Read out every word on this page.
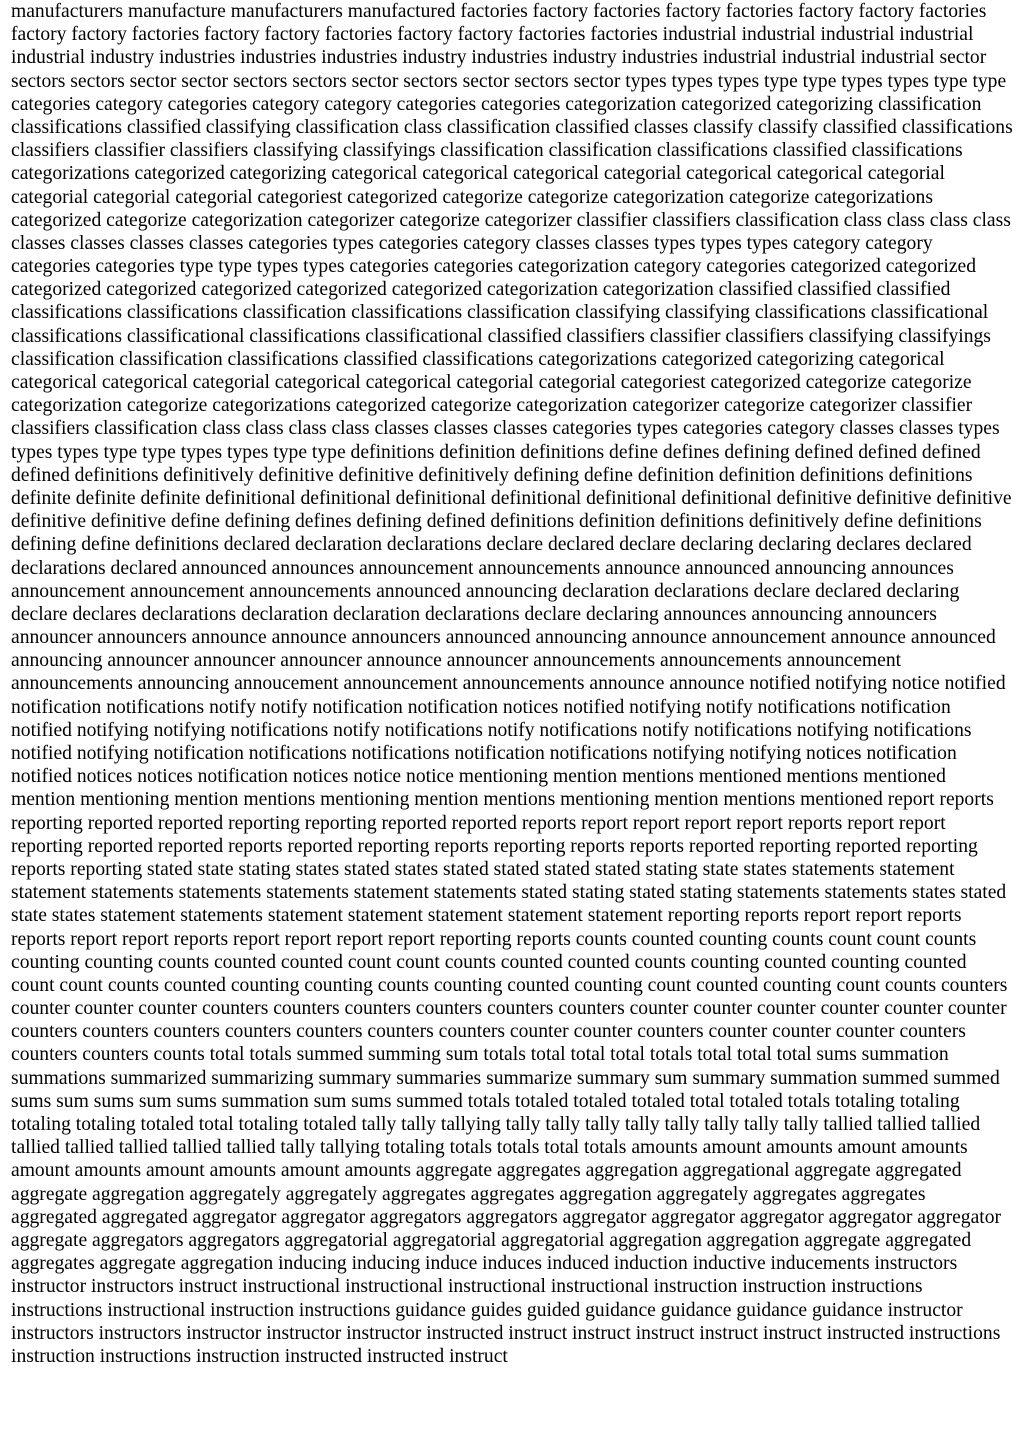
manufacturers manufacture manufacturers manufactured factories factory factories factory factories factory factory factories factory factory factories factory factory factories factory factory factories factories industrial industrial industrial industrial industrial industry industries industries industries industry industries industry industries industrial industrial industrial sector sectors sectors sector sector sectors sectors sector sectors sector sectors sector types types types type type types types type type categories category categories category category categories categories categorization categorized categorizing classification classifications classified classifying classification class classification classified classes classify classify classified classifications classifiers classifier classifiers classifying classifyings classification classification classifications classified classifications categorizations categorized categorizing categorical categorical categorical categorial categorical categorical categorial categorial categorial categorial categoriest categorized categorize categorize categorization categorize categorizations categorized categorize categorization categorizer categorize categorizer classifier classifiers classification class class class class classes classes classes classes categories types categories category classes classes types types types category category categories categories type type types types categories categories categorization category categories categorized categorized categorized categorized categorized categorized categorized categorization categorization classified classified classified classifications classifications classification classifications classification classifying classifying classifications classificational classifications classificational classifications classificational classified classifiers classifier classifiers classifying classifyings classification classification classifications classified classifications categorizations categorized categorizing categorical categorical categorical categorial categorical categorical categorial categorial categoriest categorized categorize categorize categorization categorize categorizations categorized categorize categorization categorizer categorize categorizer classifier classifiers classification class class class class classes classes classes categories types categories category classes classes types types types type type types types type type definitions definition definitions define defines defining defined defined defined defined definitions definitively definitive definitive definitively defining define definition definition definitions definitions definite definite definite definitional definitional definitional definitional definitional definitional definitive definitive definitive definitive definitive define defining defines defining defined definitions definition definitions definitively define definitions defining define definitions declared declaration declarations declare declared declare declaring declaring declares declared declarations declared announced announces announcement announcements announce announced announcing announces announcement announcement announcements announced announcing declaration declarations declare declared declaring declare declares declarations declaration declaration declarations declare declaring announces announcing announcers announcer announcers announce announce announcers announced announcing announce announcement announce announced announcing announcer announcer announcer announce announcer announcements announcements announcement announcements announcing annoucement announcement announcements announce announce notified notifying notice notified notification notifications notify notify notification notification notices notified notifying notify notifications notification notified notifying notifying notifications notify notifications notify notifications notify notifications notifying notifications notified notifying notification notifications notifications notification notifications notifying notifying notices notification notified notices notices notification notices notice notice mentioning mention mentions mentioned mentions mentioned mention mentioning mention mentions mentioning mention mentions mentioning mention mentions mentioned report reports reporting reported reported reporting reporting reported reported reports report report report report reports report report reporting reported reported reports reported reporting reports reporting reports reports reported reporting reported reporting reports reporting stated state stating states stated states stated stated stated stated stating state states statements statement statement statements statements statements statement statements stated stating stated stating statements statements states stated state states statement statements statement statement statement statement statement reporting reports report report reports reports report report reports report report report report reporting reports counts counted counting counts count count counts counting counting counts counted counted count count counts counted counted counts counting counted counting counted count count counts counted counting counting counts counting counted counting count counted counting count counts counters counter counter counter counters counters counters counters counters counters counter counter counter counter counter counter counters counters counters counters counters counters counters counter counter counters counter counter counter counters counters counters counts total totals summed summing sum totals total total total totals total total total sums summation summations summarized summarizing summary summaries summarize summary sum summary summation summed summed sums sum sums sum sums summation sum sums summed totals totaled totaled totaled total totaled totals totaling totaling totaling totaling totaled total totaling totaled tally tally tallying tally tally tally tally tally tally tally tally tallied tallied tallied tallied tallied tallied tallied tallied tally tallying totaling totals totals total totals amounts amount amounts amount amounts amount amounts amount amounts amount amounts aggregate aggregates aggregation aggregational aggregate aggregated aggregate aggregation aggregately aggregately aggregates aggregates aggregation aggregately aggregates aggregates aggregated aggregated aggregator aggregator aggregators aggregators aggregator aggregator aggregator aggregator aggregator aggregate aggregators aggregators aggregatorial aggregatorial aggregatorial aggregation aggregation aggregate aggregated aggregates aggregate aggregation inducing inducing induce induces induced induction inductive inducements instructors instructor instructors instruct instructional instructional instructional instructional instruction instruction instructions instructions instructional instruction instructions guidance guides guided guidance guidance guidance guidance instructor instructors instructors instructor instructor instructor instructed instruct instruct instruct instruct instruct instructed instructions instruction instructions instruction instructed instructed instruct
